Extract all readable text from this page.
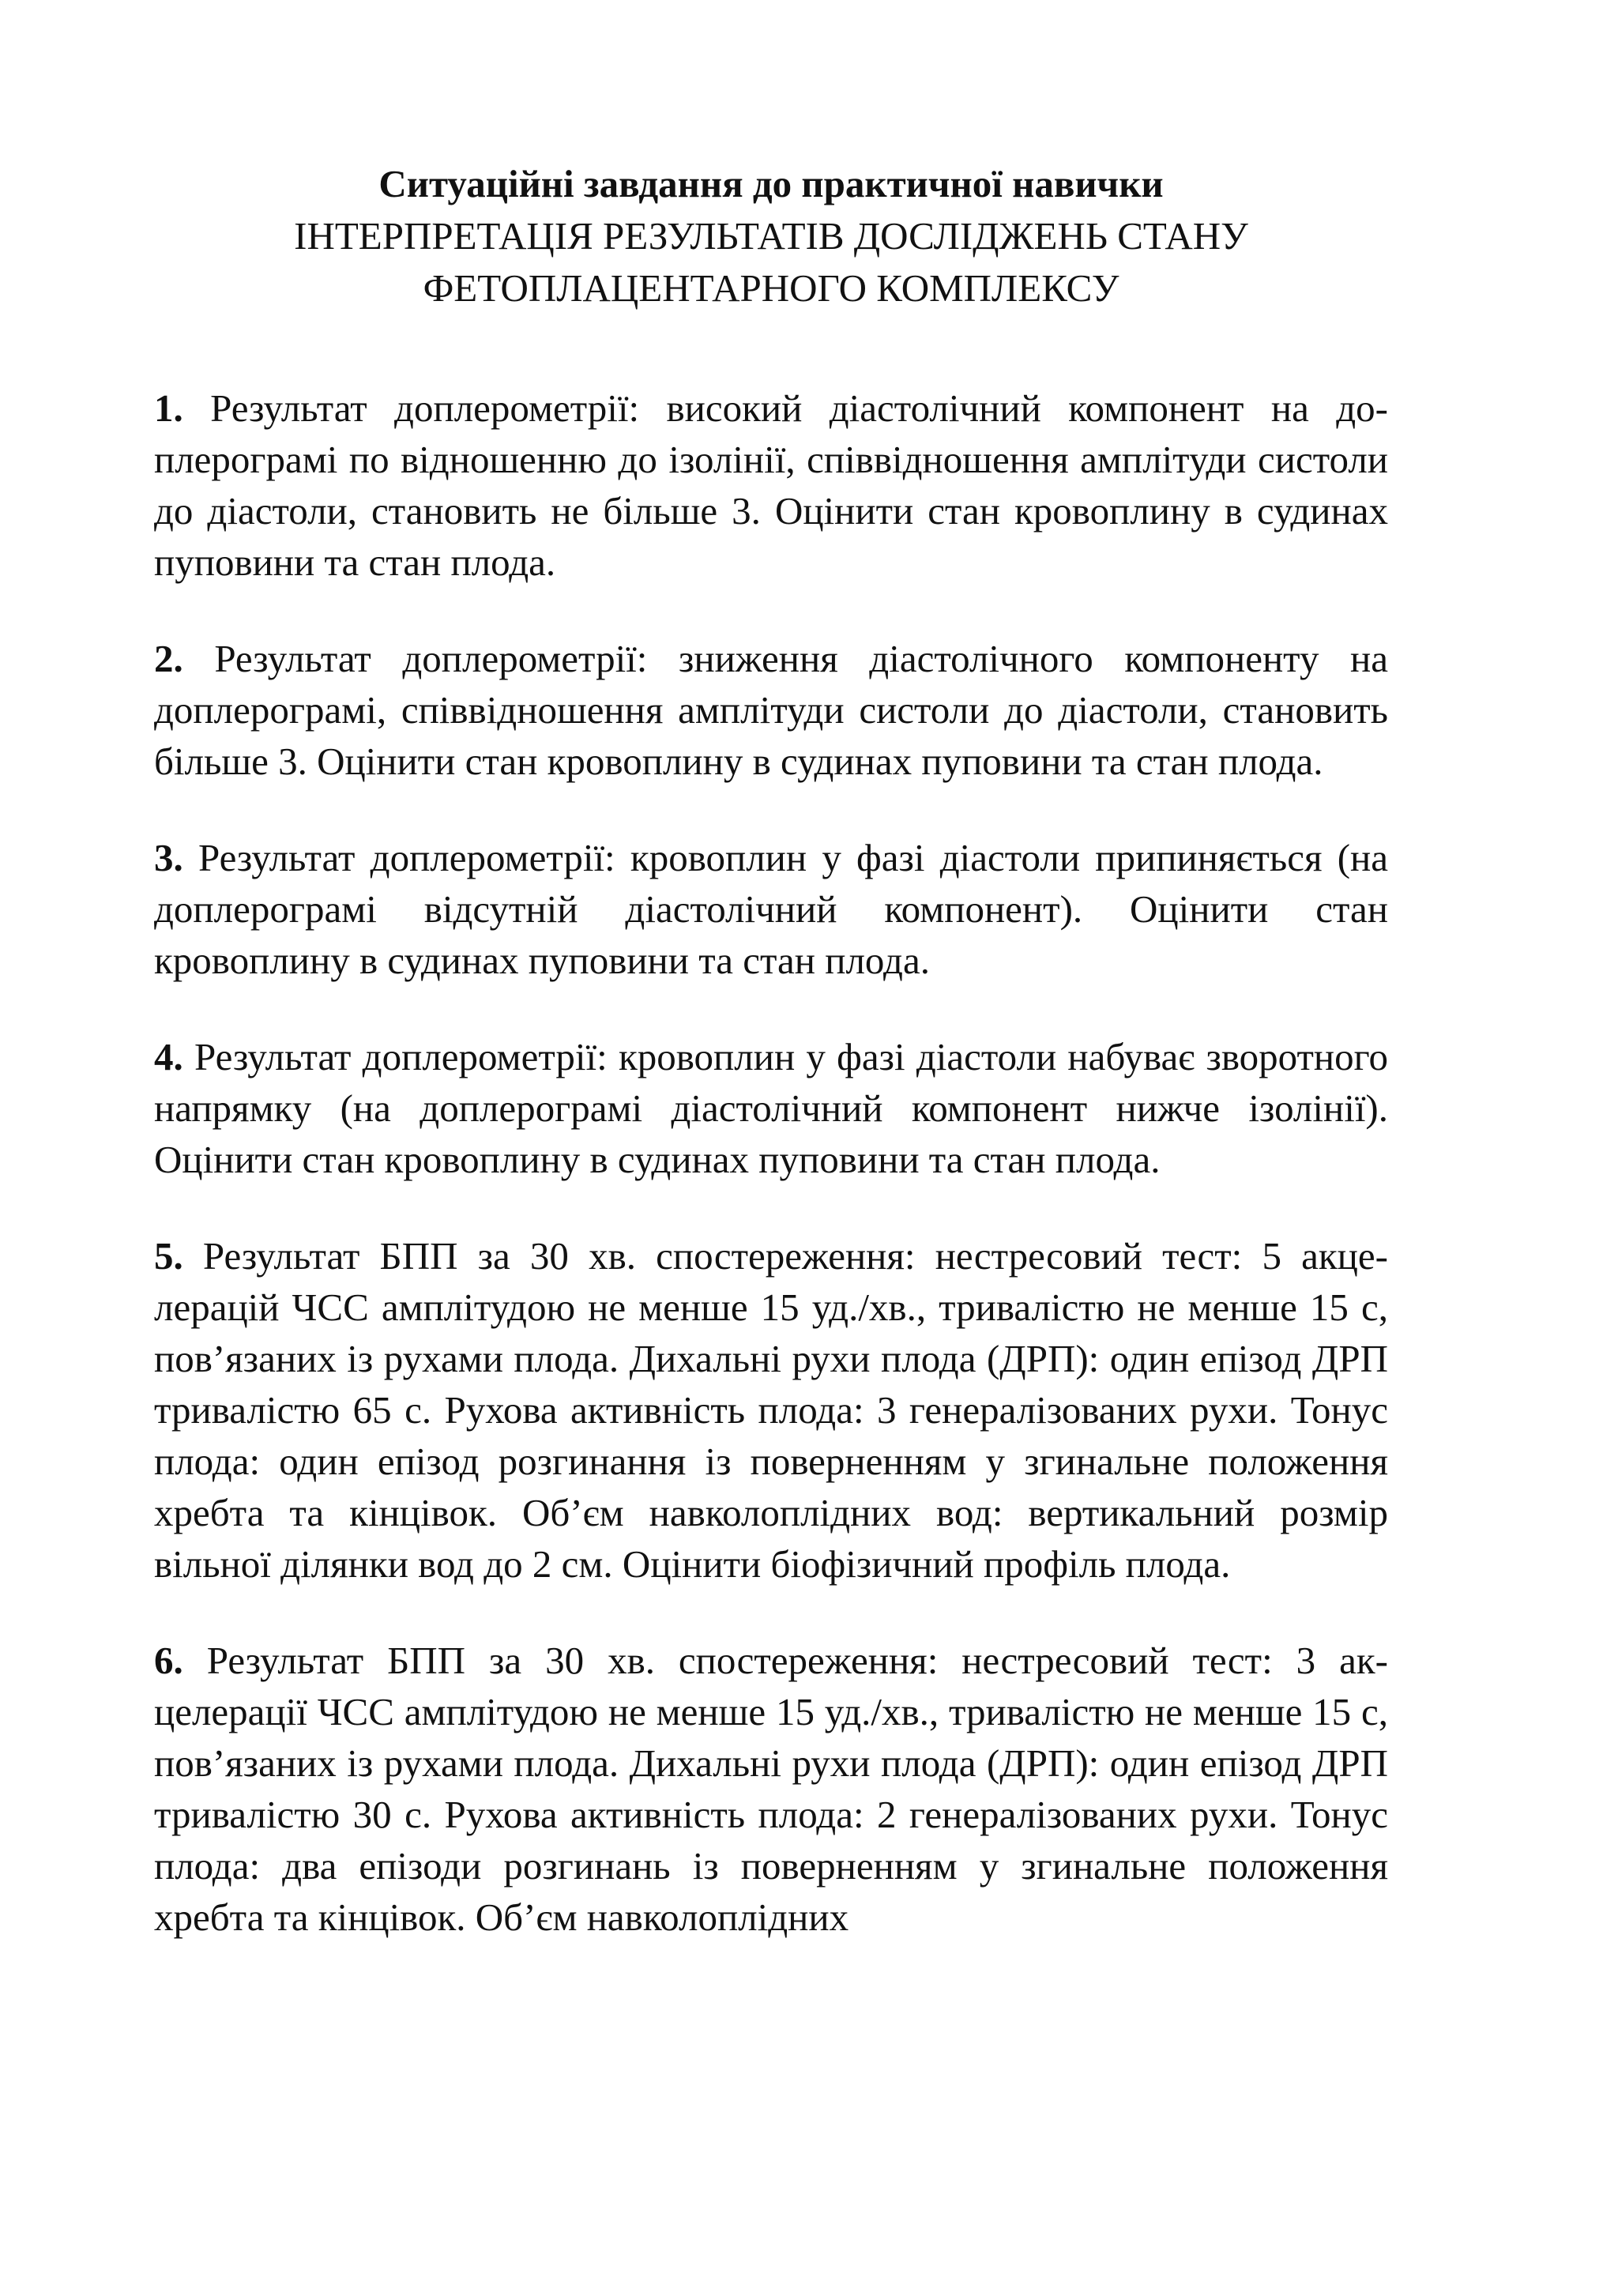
Ситуаційні завдання до практичної навички
ІНТЕРПРЕТАЦІЯ РЕЗУЛЬТАТІВ ДОСЛІДЖЕНЬ СТАНУ
ФЕТОПЛАЦЕНТАРНОГО КОМПЛЕКСУ

1. Результат доплерометрії: високий діастолічний компонент на доплерограмі по відношенню до ізолінії, співвідношення амплітуди систоли до діастоли, становить не більше 3. Оцінити стан кровоплину в судинах пуповини та стан плода.

2. Результат доплерометрії: зниження діастолічного компоненту на доплерограмі, співвідношення амплітуди систоли до діастоли, становить більше 3. Оцінити стан кровоплину в судинах пуповини та стан плода.

3. Результат доплерометрії: кровоплин у фазі діастоли припиняється (на доплерограмі відсутній діастолічний компонент). Оцінити стан кровоплину в судинах пуповини та стан плода.

4. Результат доплерометрії: кровоплин у фазі діастоли набуває зворотного напрямку (на доплерограмі діастолічний компонент нижче ізолінії). Оцінити стан кровоплину в судинах пуповини та стан плода.

5. Результат БПП за 30 хв. спостереження: нестресовий тест: 5 акцелерацій ЧСС амплітудою не менше 15 уд./хв., тривалістю не менше 15 с, пов’язаних із рухами плода. Дихальні рухи плода (ДРП): один епізод ДРП тривалістю 65 с. Рухова активність плода: 3 генералізованих рухи. Тонус плода: один епізод розгинання із поверненням у згинальне положення хребта та кінцівок. Об’єм навколоплідних вод: вертикальний розмір вільної ділянки вод до 2 см. Оцінити біофізичний профіль плода.

6. Результат БПП за 30 хв. спостереження: нестресовий тест: 3 акцелерації ЧСС амплітудою не менше 15 уд./хв., тривалістю не менше 15 с, пов’язаних із рухами плода. Дихальні рухи плода (ДРП): один епізод ДРП тривалістю 30 с. Рухова активність плода: 2 генералізованих рухи. Тонус плода: два епізоди розгинань із поверненням у згинальне положення хребта та кінцівок. Об’єм навколоплідних
